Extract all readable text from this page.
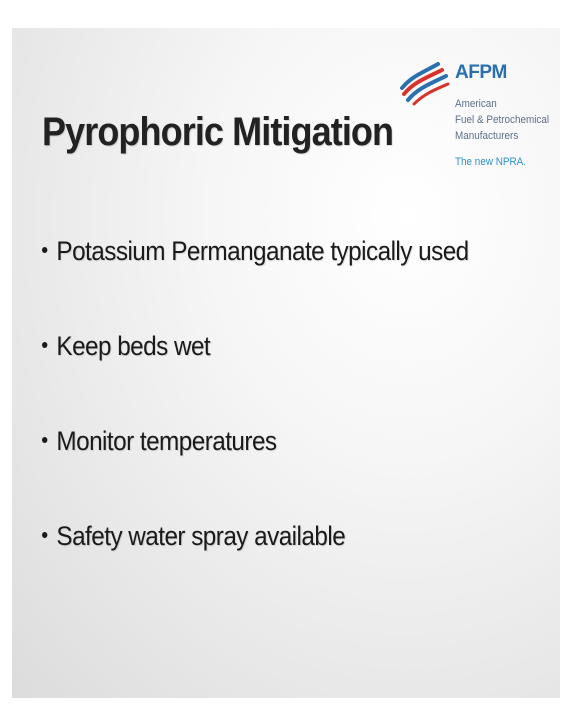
Pyrophoric Mitigation
AFPM
American
Fuel & Petrochemical
Manufacturers
The new NPRA.
Potassium Permanganate typically used
Keep beds wet
Monitor temperatures
Safety water spray available
